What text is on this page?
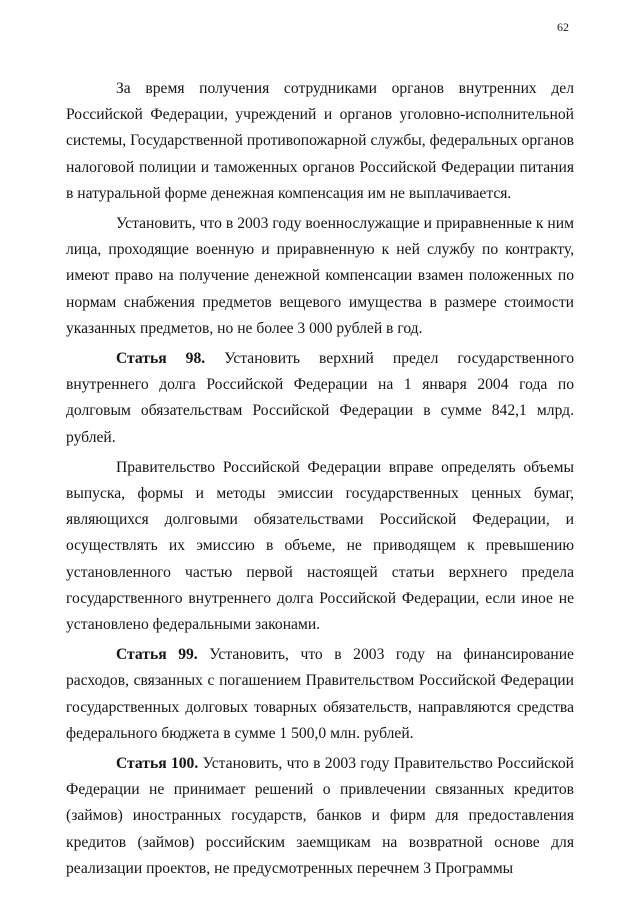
62

За время получения сотрудниками органов внутренних дел Российской Федерации, учреждений и органов уголовно-исполнительной системы, Государственной противопожарной службы, федеральных органов налоговой полиции и таможенных органов Российской Федерации питания в натуральной форме денежная компенсация им не выплачивается.

Установить, что в 2003 году военнослужащие и приравненные к ним лица, проходящие военную и приравненную к ней службу по контракту, имеют право на получение денежной компенсации взамен положенных по нормам снабжения предметов вещевого имущества в размере стоимости указанных предметов, но не более 3 000 рублей в год.

Статья 98. Установить верхний предел государственного внутреннего долга Российской Федерации на 1 января 2004 года по долговым обязательствам Российской Федерации в сумме 842,1 млрд. рублей.

Правительство Российской Федерации вправе определять объемы выпуска, формы и методы эмиссии государственных ценных бумаг, являющихся долговыми обязательствами Российской Федерации, и осуществлять их эмиссию в объеме, не приводящем к превышению установленного частью первой настоящей статьи верхнего предела государственного внутреннего долга Российской Федерации, если иное не установлено федеральными законами.

Статья 99. Установить, что в 2003 году на финансирование расходов, связанных с погашением Правительством Российской Федерации государственных долговых товарных обязательств, направляются средства федерального бюджета в сумме 1 500,0 млн. рублей.

Статья 100. Установить, что в 2003 году Правительство Российской Федерации не принимает решений о привлечении связанных кредитов (займов) иностранных государств, банков и фирм для предоставления кредитов (займов) российским заемщикам на возвратной основе для реализации проектов, не предусмотренных перечнем 3 Программы
